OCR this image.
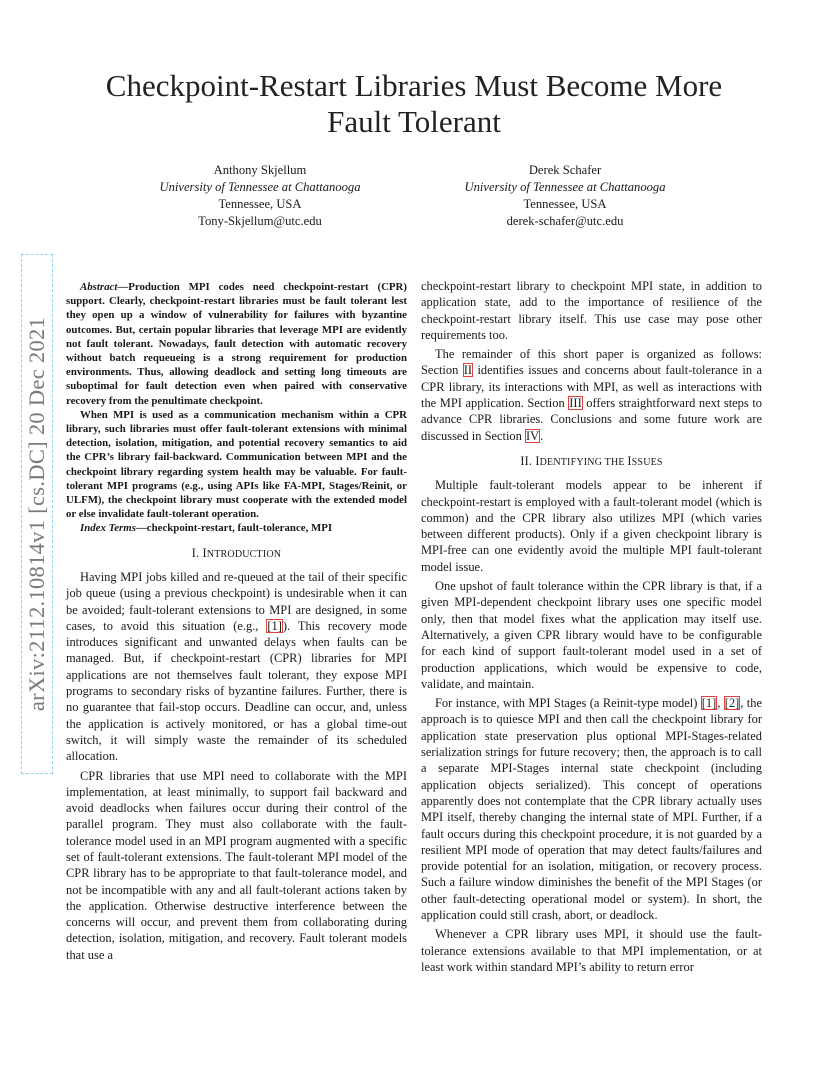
Checkpoint-Restart Libraries Must Become More
Fault Tolerant
Anthony Skjellum
University of Tennessee at Chattanooga
Tennessee, USA
Tony-Skjellum@utc.edu
Derek Schafer
University of Tennessee at Chattanooga
Tennessee, USA
derek-schafer@utc.edu
arXiv:2112.10814v1 [cs.DC] 20 Dec 2021

Abstract—Production MPI codes need checkpoint-restart (CPR) support. Clearly, checkpoint-restart libraries must be fault tolerant lest they open up a window of vulnerability for failures with byzantine outcomes. But, certain popular libraries that leverage MPI are evidently not fault tolerant. Nowadays, fault detection with automatic recovery without batch requeueing is a strong requirement for production environments. Thus, allowing deadlock and setting long timeouts are suboptimal for fault detection even when paired with conservative recovery from the penultimate checkpoint.

When MPI is used as a communication mechanism within a CPR library, such libraries must offer fault-tolerant extensions with minimal detection, isolation, mitigation, and potential recovery semantics to aid the CPR’s library fail-backward. Communication between MPI and the checkpoint library regarding system health may be valuable. For fault-tolerant MPI programs (e.g., using APIs like FA-MPI, Stages/Reinit, or ULFM), the checkpoint library must cooperate with the extended model or else invalidate fault-tolerant operation.

Index Terms—checkpoint-restart, fault-tolerance, MPI

I. INTRODUCTION

Having MPI jobs killed and re-queued at the tail of their specific job queue (using a previous checkpoint) is undesirable when it can be avoided; fault-tolerant extensions to MPI are designed, in some cases, to avoid this situation (e.g., [1]). This recovery mode introduces significant and unwanted delays when faults can be managed. But, if checkpoint-restart (CPR) libraries for MPI applications are not themselves fault tolerant, they expose MPI programs to secondary risks of byzantine failures. Further, there is no guarantee that fail-stop occurs. Deadline can occur, and, unless the application is actively monitored, or has a global time-out switch, it will simply waste the remainder of its scheduled allocation.

CPR libraries that use MPI need to collaborate with the MPI implementation, at least minimally, to support fail backward and avoid deadlocks when failures occur during their control of the parallel program. They must also collaborate with the fault-tolerance model used in an MPI program augmented with a specific set of fault-tolerant extensions. The fault-tolerant MPI model of the CPR library has to be appropriate to that fault-tolerance model, and not be incompatible with any and all fault-tolerant actions taken by the application. Otherwise destructive interference between the concerns will occur, and prevent them from collaborating during detection, isolation, mitigation, and recovery. Fault tolerant models that use a

checkpoint-restart library to checkpoint MPI state, in addition to application state, add to the importance of resilience of the checkpoint-restart library itself. This use case may pose other requirements too.

The remainder of this short paper is organized as follows: Section II identifies issues and concerns about fault-tolerance in a CPR library, its interactions with MPI, as well as interactions with the MPI application. Section III offers straightforward next steps to advance CPR libraries. Conclusions and some future work are discussed in Section IV.

II. IDENTIFYING THE ISSUES

Multiple fault-tolerant models appear to be inherent if checkpoint-restart is employed with a fault-tolerant model (which is common) and the CPR library also utilizes MPI (which varies between different products). Only if a given checkpoint library is MPI-free can one evidently avoid the multiple MPI fault-tolerant model issue.

One upshot of fault tolerance within the CPR library is that, if a given MPI-dependent checkpoint library uses one specific model only, then that model fixes what the application may itself use. Alternatively, a given CPR library would have to be configurable for each kind of support fault-tolerant model used in a set of production applications, which would be expensive to code, validate, and maintain.

For instance, with MPI Stages (a Reinit-type model) [1], [2], the approach is to quiesce MPI and then call the checkpoint library for application state preservation plus optional MPI-Stages-related serialization strings for future recovery; then, the approach is to call a separate MPI-Stages internal state checkpoint (including application objects serialized). This concept of operations apparently does not contemplate that the CPR library actually uses MPI itself, thereby changing the internal state of MPI. Further, if a fault occurs during this checkpoint procedure, it is not guarded by a resilient MPI mode of operation that may detect faults/failures and provide potential for an isolation, mitigation, or recovery process. Such a failure window diminishes the benefit of the MPI Stages (or other fault-detecting operational model or system). In short, the application could still crash, abort, or deadlock.

Whenever a CPR library uses MPI, it should use the fault-tolerance extensions available to that MPI implementation, or at least work within standard MPI’s ability to return error
